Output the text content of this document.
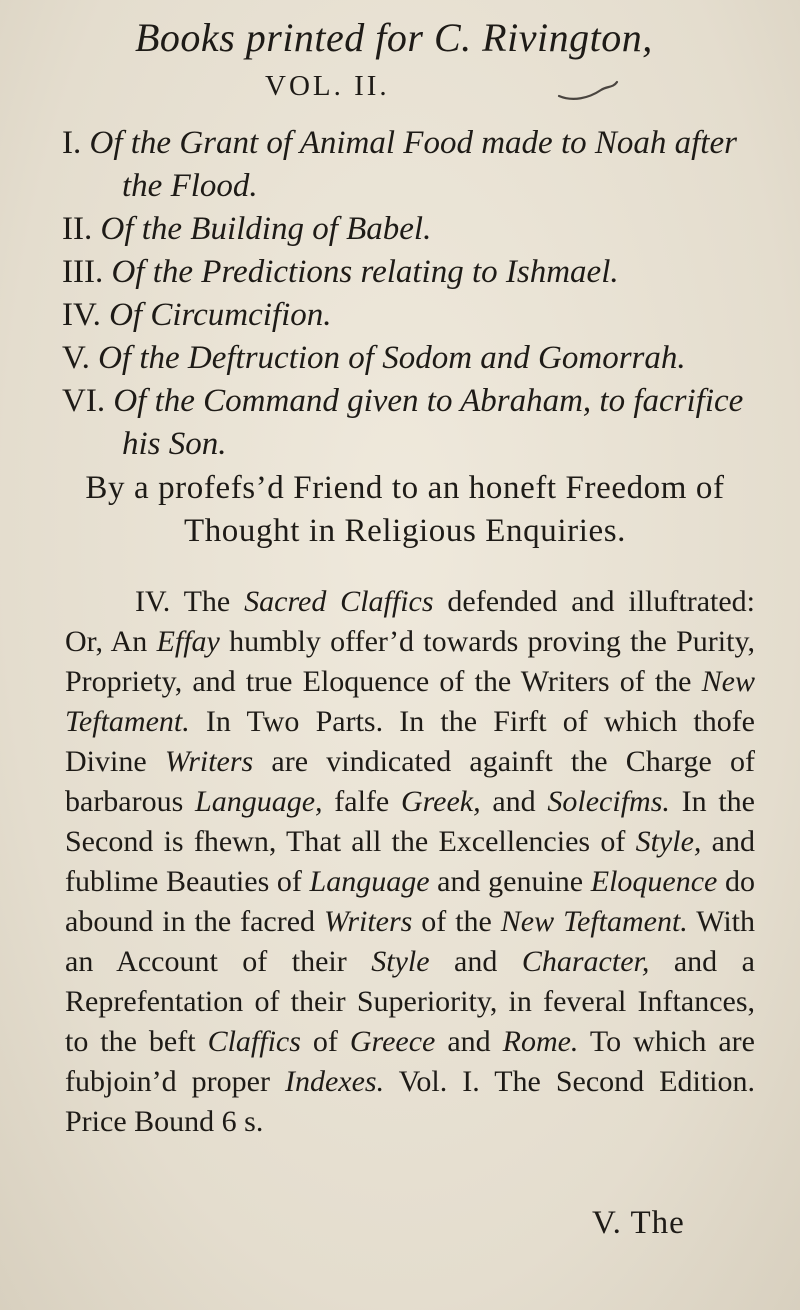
Books printed for C. Rivington,
VOL. II.
I. Of the Grant of Animal Food made to Noah after the Flood.
II. Of the Building of Babel.
III. Of the Predictions relating to Ishmael.
IV. Of Circumcifion.
V. Of the Deftruction of Sodom and Gomorrah.
VI. Of the Command given to Abraham, to facrifice his Son.
By a profefs’d Friend to an honeft Freedom of Thought in Religious Enquiries.
IV. The Sacred Claffics defended and illuftrated: Or, An Effay humbly offer’d towards proving the Purity, Propriety, and true Eloquence of the Writers of the New Teftament. In Two Parts. In the Firft of which thofe Divine Writers are vindicated againft the Charge of barbarous Language, falfe Greek, and Solecifms. In the Second is fhewn, That all the Excellencies of Style, and fublime Beauties of Language and genuine Eloquence do abound in the facred Writers of the New Teftament. With an Account of their Style and Character, and a Reprefentation of their Superiority, in feveral Inftances, to the beft Claffics of Greece and Rome. To which are fubjoin’d proper Indexes. Vol. I. The Second Edition. Price Bound 6 s.
V. The
